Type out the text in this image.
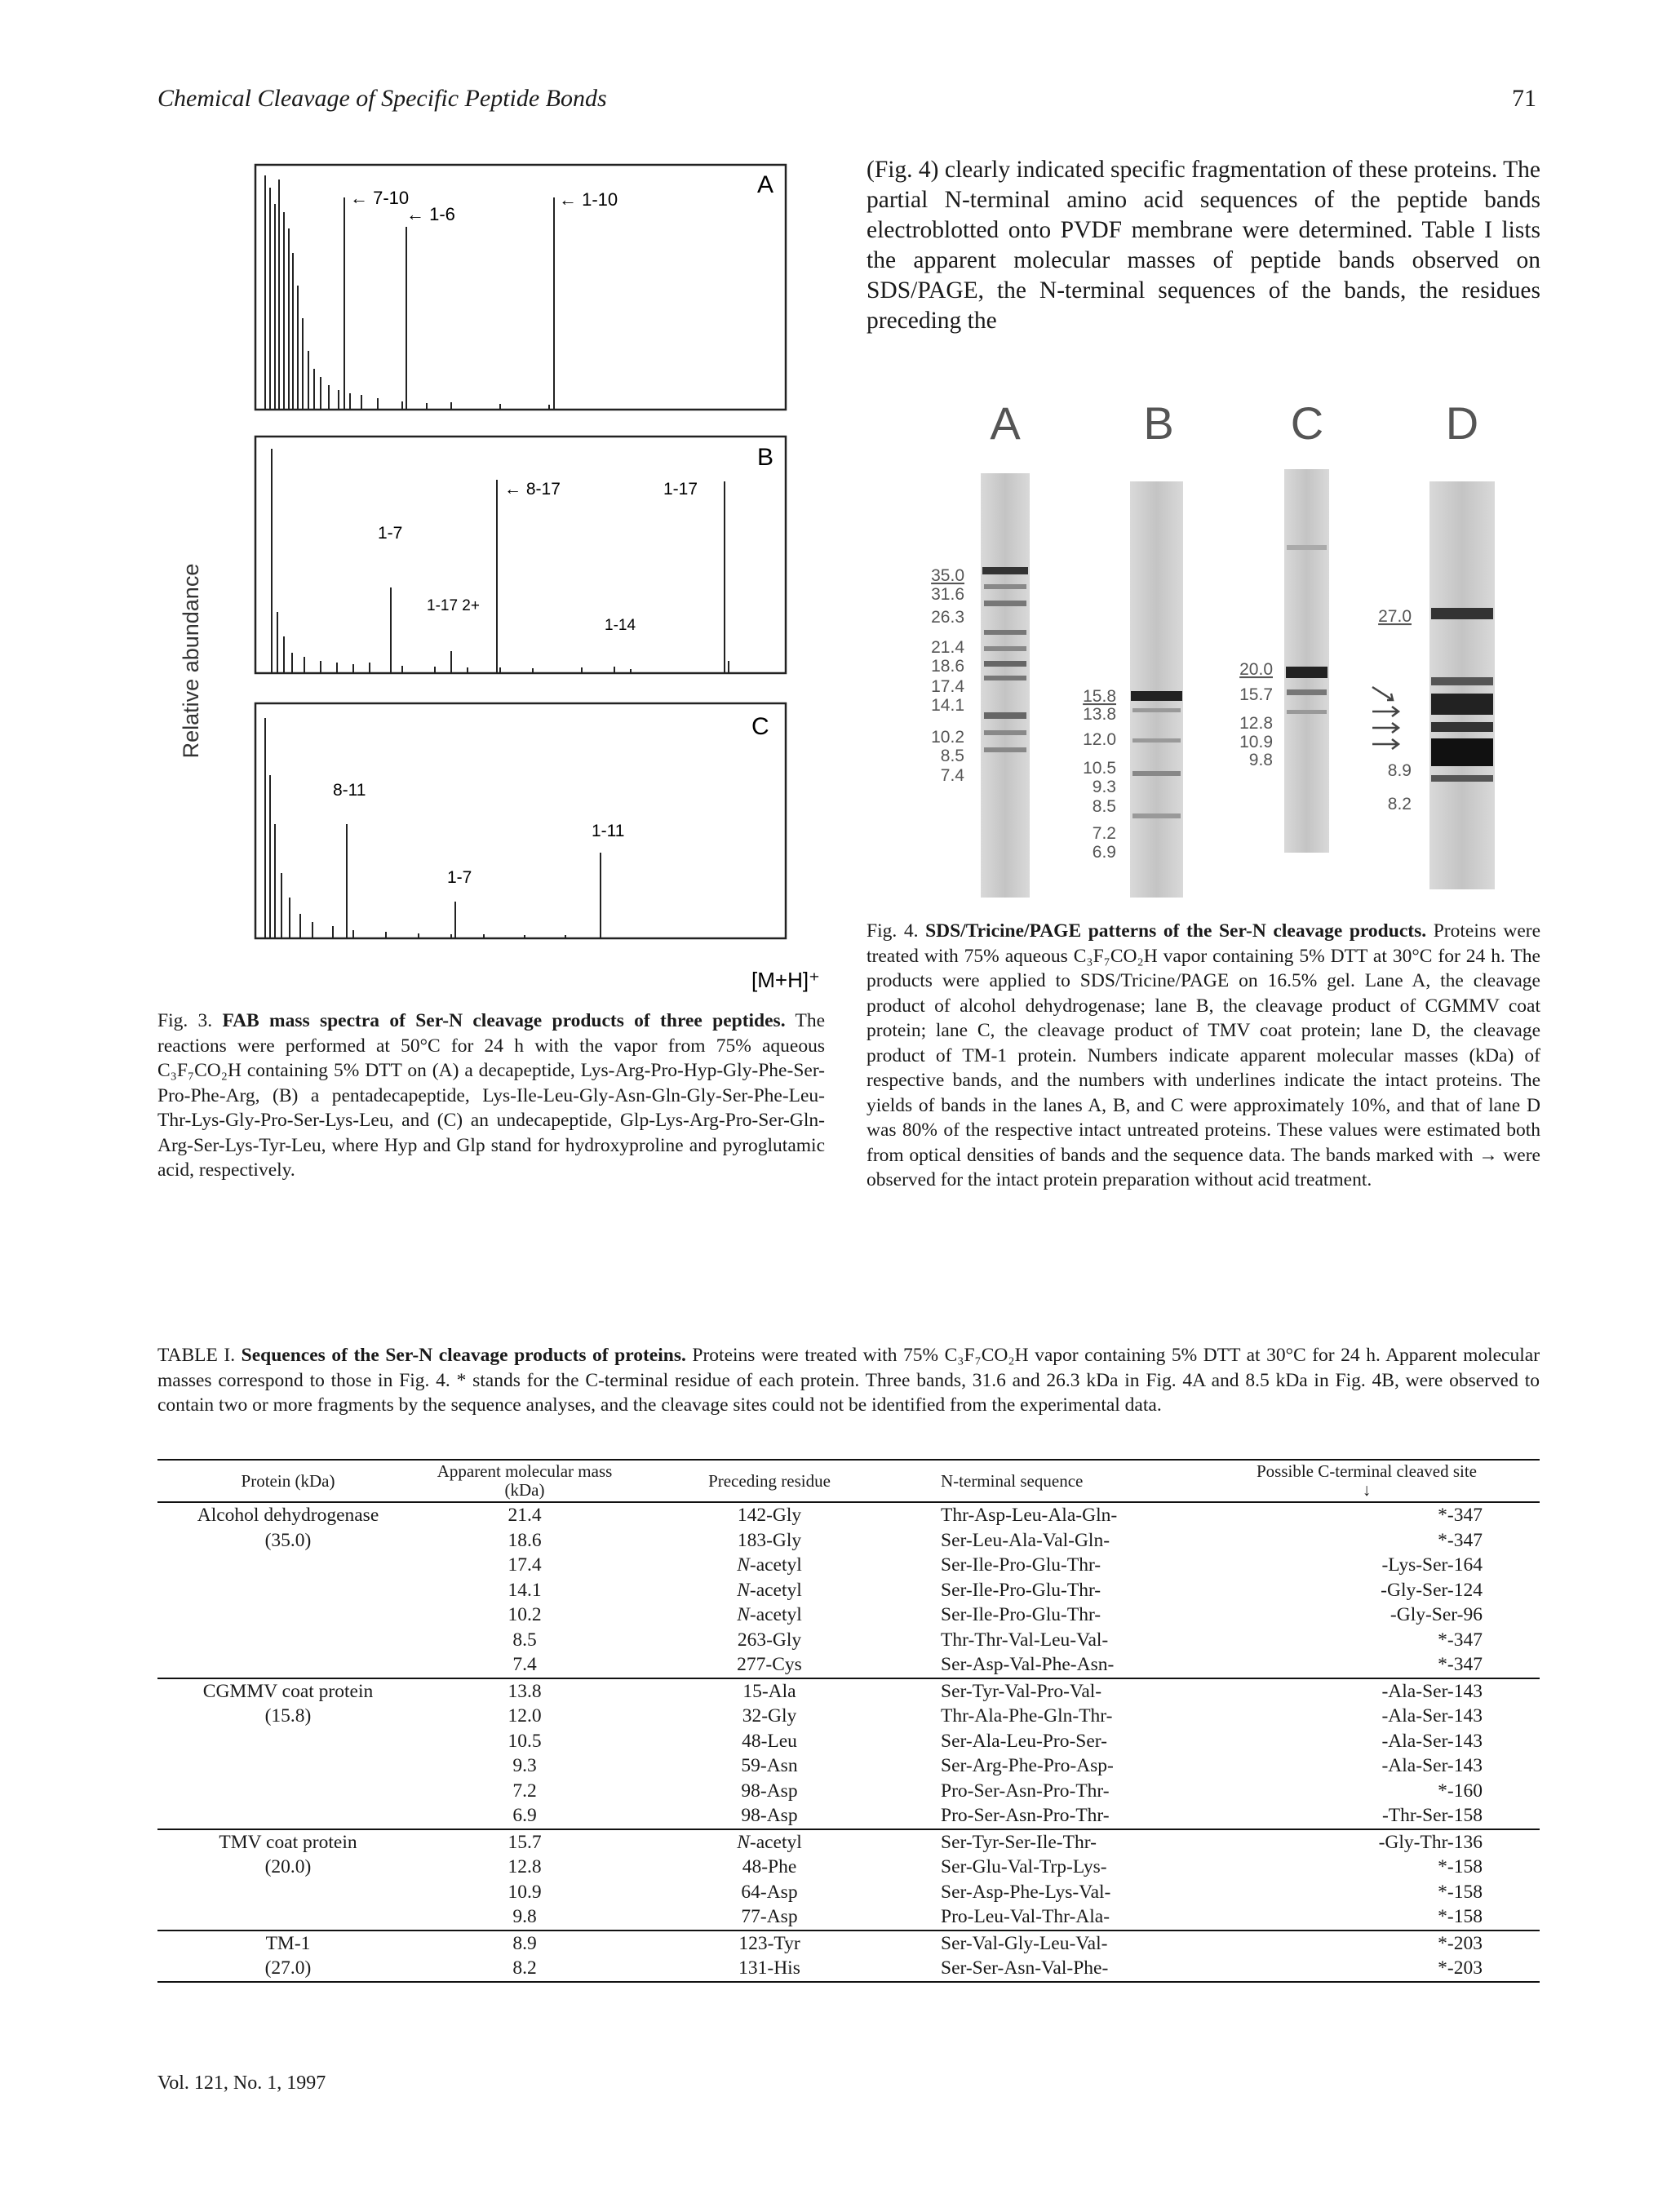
Chemical Cleavage of Specific Peptide Bonds	71
(Fig. 4) clearly indicated specific fragmentation of these proteins. The partial N-terminal amino acid sequences of the peptide bands electroblotted onto PVDF membrane were determined. Table I lists the apparent molecular masses of peptide bands observed on SDS/PAGE, the N-terminal sequences of the bands, the residues preceding the
Relative abundance
A
← 7-10
← 1-6
← 1-10
B
1-7
← 8-17	1-17
1-17 2+
1-14
C
8-11
1-11
1-7
[M+H]⁺
Fig. 3. FAB mass spectra of Ser-N cleavage products of three peptides. The reactions were performed at 50°C for 24 h with the vapor from 75% aqueous C₃F₇CO₂H containing 5% DTT on (A) a decapeptide, Lys-Arg-Pro-Hyp-Gly-Phe-Ser-Pro-Phe-Arg, (B) a pentadecapeptide, Lys-Ile-Leu-Gly-Asn-Gln-Gly-Ser-Phe-Leu-Thr-Lys-Gly-Pro-Ser-Lys-Leu, and (C) an undecapeptide, Glp-Lys-Arg-Pro-Ser-Gln-Arg-Ser-Lys-Tyr-Leu, where Hyp and Glp stand for hydroxyproline and pyroglutamic acid, respectively.
A	B	C	D
35.0
31.6
26.3
21.4
18.6
17.4
14.1
10.2
8.5
7.4
15.8
13.8
12.0
10.5
9.3
8.5
7.2
6.9
20.0
15.7
12.8
10.9
9.8
27.0
8.9
8.2
Fig. 4. SDS/Tricine/PAGE patterns of the Ser-N cleavage products. Proteins were treated with 75% aqueous C₃F₇CO₂H vapor containing 5% DTT at 30°C for 24 h. The products were applied to SDS/Tricine/PAGE on 16.5% gel. Lane A, the cleavage product of alcohol dehydrogenase; lane B, the cleavage product of CGMMV coat protein; lane C, the cleavage product of TMV coat protein; lane D, the cleavage product of TM-1 protein. Numbers indicate apparent molecular masses (kDa) of respective bands, and the numbers with underlines indicate the intact proteins. The yields of bands in the lanes A, B, and C were approximately 10%, and that of lane D was 80% of the respective intact untreated proteins. These values were estimated both from optical densities of bands and the sequence data. The bands marked with → were observed for the intact protein preparation without acid treatment.
TABLE I. Sequences of the Ser-N cleavage products of proteins. Proteins were treated with 75% C₃F₇CO₂H vapor containing 5% DTT at 30°C for 24 h. Apparent molecular masses correspond to those in Fig. 4. * stands for the C-terminal residue of each protein. Three bands, 31.6 and 26.3 kDa in Fig. 4A and 8.5 kDa in Fig. 4B, were observed to contain two or more fragments by the sequence analyses, and the cleavage sites could not be identified from the experimental data.
Protein (kDa)	Apparent molecular mass (kDa)	Preceding residue	N-terminal sequence	Possible C-terminal cleaved site ↓
Alcohol dehydrogenase	21.4	142-Gly	Thr-Asp-Leu-Ala-Gln-	*-347
(35.0)	18.6	183-Gly	Ser-Leu-Ala-Val-Gln-	*-347
	17.4	N-acetyl	Ser-Ile-Pro-Glu-Thr-	-Lys-Ser-164
	14.1	N-acetyl	Ser-Ile-Pro-Glu-Thr-	-Gly-Ser-124
	10.2	N-acetyl	Ser-Ile-Pro-Glu-Thr-	-Gly-Ser-96
	8.5	263-Gly	Thr-Thr-Val-Leu-Val-	*-347
	7.4	277-Cys	Ser-Asp-Val-Phe-Asn-	*-347
CGMMV coat protein	13.8	15-Ala	Ser-Tyr-Val-Pro-Val-	-Ala-Ser-143
(15.8)	12.0	32-Gly	Thr-Ala-Phe-Gln-Thr-	-Ala-Ser-143
	10.5	48-Leu	Ser-Ala-Leu-Pro-Ser-	-Ala-Ser-143
	9.3	59-Asn	Ser-Arg-Phe-Pro-Asp-	-Ala-Ser-143
	7.2	98-Asp	Pro-Ser-Asn-Pro-Thr-	*-160
	6.9	98-Asp	Pro-Ser-Asn-Pro-Thr-	-Thr-Ser-158
TMV coat protein	15.7	N-acetyl	Ser-Tyr-Ser-Ile-Thr-	-Gly-Thr-136
(20.0)	12.8	48-Phe	Ser-Glu-Val-Trp-Lys-	*-158
	10.9	64-Asp	Ser-Asp-Phe-Lys-Val-	*-158
	9.8	77-Asp	Pro-Leu-Val-Thr-Ala-	*-158
TM-1	8.9	123-Tyr	Ser-Val-Gly-Leu-Val-	*-203
(27.0)	8.2	131-His	Ser-Ser-Asn-Val-Phe-	*-203
Vol. 121, No. 1, 1997
